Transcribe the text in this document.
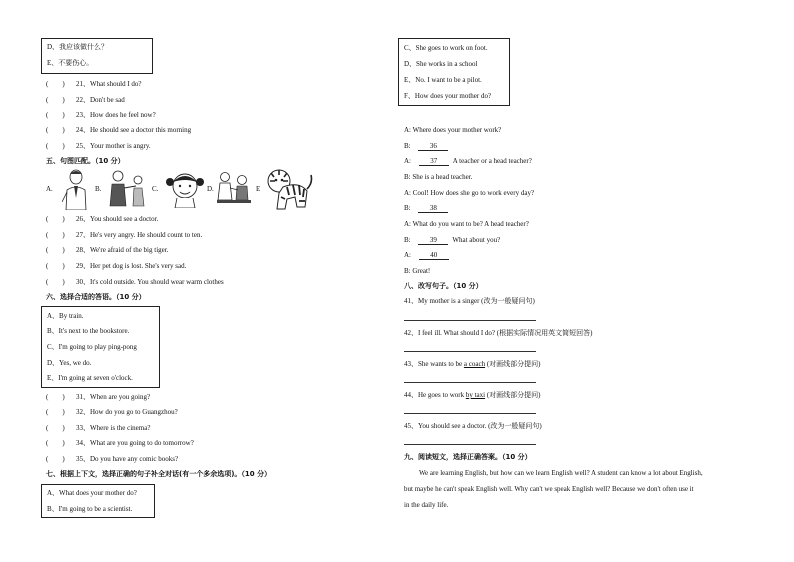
D、我应该做什么？
E、不要伤心。
(　　) 21、What should I do?
(　　) 22、Don't be sad
(　　) 23、How does he feel now?
(　　) 24、He should see a doctor this morning
(　　) 25、Your mother is angry.
五、句图匹配。（10 分）
A.	B.	C.	D.	E
(　　) 26、You should see a doctor.
(　　) 27、He's very angry. He should count to ten.
(　　) 28、We're afraid of the big tiger.
(　　) 29、Her pet dog is lost. She's very sad.
(　　) 30、It's cold outside. You should wear warm clothes
六、选择合适的答语。（10 分）
A、By train.
B、It's next to the bookstore.
C、I'm going to play ping-pong
D、Yes, we do.
E、I'm going at seven o'clock.
(　　) 31、When are you going?
(　　) 32、How do you go to Guangzhou?
(　　) 33、Where is the cinema?
(　　) 34、What are you going to do tomorrow?
(　　) 35、Do you have any comic books?
七、根据上下文，选择正确的句子补全对话(有一个多余选项)。（10 分）
A、What does your mother do?
B、I'm going to be a scientist.
C、She goes to work on foot.
D、She works in a school
E、No. I want to be a pilot.
F、How does your mother do?
A: Where does your mother work?
B:	36
A:	37 A teacher or a head teacher?
B: She is a head teacher.
A: Cool! How does she go to work every day?
B:	38
A: What do you want to be? A head teacher?
B:	39 What about you?
A:	40
B: Great!
八、改写句子。（10 分）
41、My mother is a singer (改为一般疑问句)
42、I feel ill. What should I do? (根据实际情况用英文简短回答)
43、She wants to be a coach (对画线部分提问)
44、He goes to work by taxi (对画线部分提问)
45、You should see a doctor. (改为一般疑问句)
九、阅读短文，选择正确答案。（10 分）
We are learning English, but how can we learn English well? A student can know a lot about English,
but maybe he can't speak English well. Why can't we speak English well? Because we don't often use it
in the daily life.
